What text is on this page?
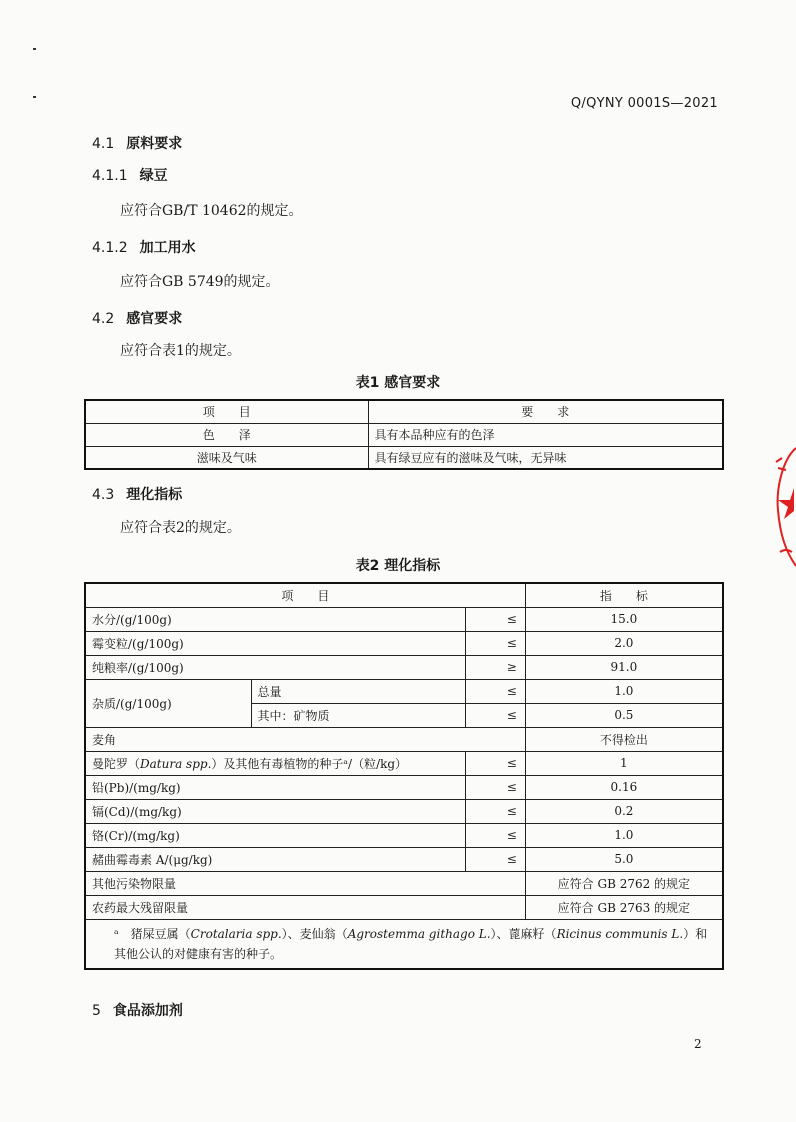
Q/QYNY 0001S—2021
4.1 原料要求
4.1.1 绿豆
应符合GB/T 10462的规定。
4.1.2 加工用水
应符合GB 5749的规定。
4.2 感官要求
应符合表1的规定。
表1 感官要求
项　　目	要　　求
色　　泽	具有本品种应有的色泽
滋味及气味	具有绿豆应有的滋味及气味，无异味
4.3 理化指标
应符合表2的规定。
表2 理化指标
项　　目			指　　标
水分/(g/100g)		≤	15.0
霉变粒/(g/100g)		≤	2.0
纯粮率/(g/100g)		≥	91.0
杂质/(g/100g)	总量	≤	1.0
	其中：矿物质	≤	0.5
麦角			不得检出
曼陀罗（Datura spp.）及其他有毒植物的种子ᵃ/（粒/kg）		≤	1
铅(Pb)/(mg/kg)		≤	0.16
镉(Cd)/(mg/kg)		≤	0.2
铬(Cr)/(mg/kg)		≤	1.0
赭曲霉毒素 A/(μg/kg)		≤	5.0
其他污染物限量			应符合 GB 2762 的规定
农药最大残留限量			应符合 GB 2763 的规定
ᵃ　 猪屎豆属（Crotalaria spp.）、麦仙翁（Agrostemma githago L.）、蓖麻籽（Ricinus communis L.）和其他公认的对健康有害的种子。			
5 食品添加剂
2
